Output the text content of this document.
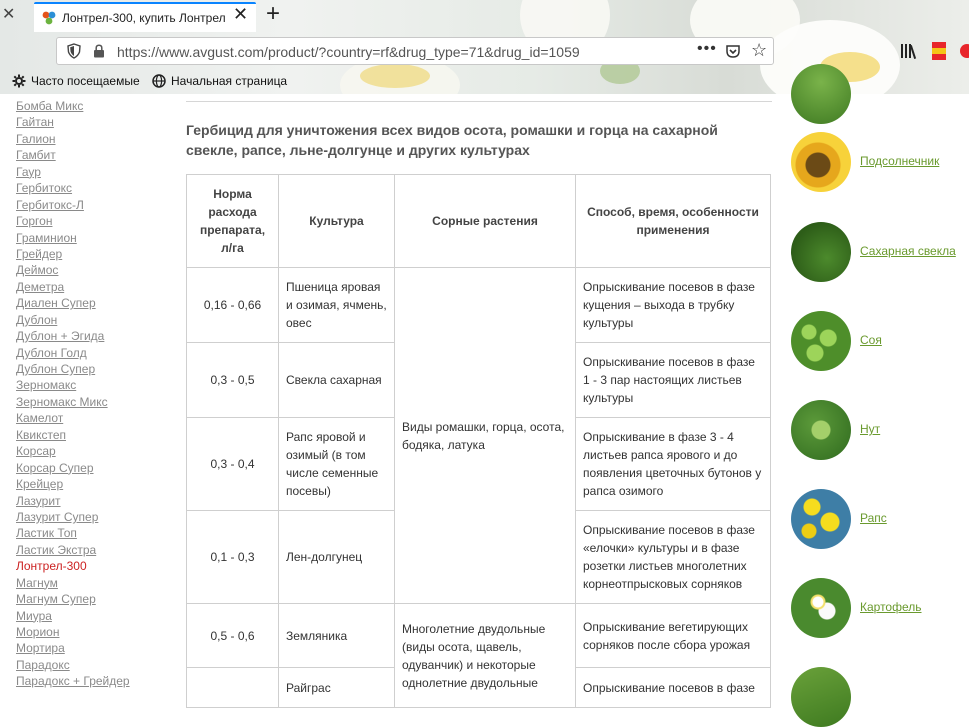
✕	Лонтрел-300, купить Лонтрел ✕ +
https://www.avgust.com/product/?country=rf&drug_type=71&drug_id=1059	••• ☆
Часто посещаемые	Начальная страница
Бомба Микс
Гайтан
Галион
Гамбит
Гаур
Гербитокс
Гербитокс-Л
Горгон
Граминион
Грейдер
Деймос
Деметра
Диален Супер
Дублон
Дублон + Эгида
Дублон Голд
Дублон Супер
Зерномакс
Зерномакс Микс
Камелот
Квикстеп
Корсар
Корсар Супер
Крейцер
Лазурит
Лазурит Супер
Ластик Топ
Ластик Экстра
Лонтрел-300
Магнум
Магнум Супер
Миура
Морион
Мортира
Парадокс
Парадокс + Грейдер
Гербицид для уничтожения всех видов осота, ромашки и горца на сахарной свекле, рапсе, льне-долгунце и других культурах
Норма расхода препарата, л/га	Культура	Сорные растения	Способ, время, особенности применения
0,16 - 0,66	Пшеница яровая и озимая, ячмень, овес	Виды ромашки, горца, осота, бодяка, латука	Опрыскивание посевов в фазе кущения – выхода в трубку культуры
0,3 - 0,5	Свекла сахарная		Опрыскивание посевов в фазе 1 - 3 пар настоящих листьев культуры
0,3 - 0,4	Рапс яровой и озимый (в том числе семенные посевы)		Опрыскивание в фазе 3 - 4 листьев рапса ярового и до появления цветочных бутонов у рапса озимого
0,1 - 0,3	Лен-долгунец		Опрыскивание посевов в фазе «елочки» культуры и в фазе розетки листьев многолетних корнеотпрысковых сорняков
0,5 - 0,6	Земляника	Многолетние двудольные (виды осота, щавель, одуванчик) и некоторые однолетние двудольные	Опрыскивание вегетирующих сорняков после сбора урожая
	Райграс		Опрыскивание посевов в фазе
Подсолнечник
Сахарная свекла
Соя
Нут
Рапс
Картофель
